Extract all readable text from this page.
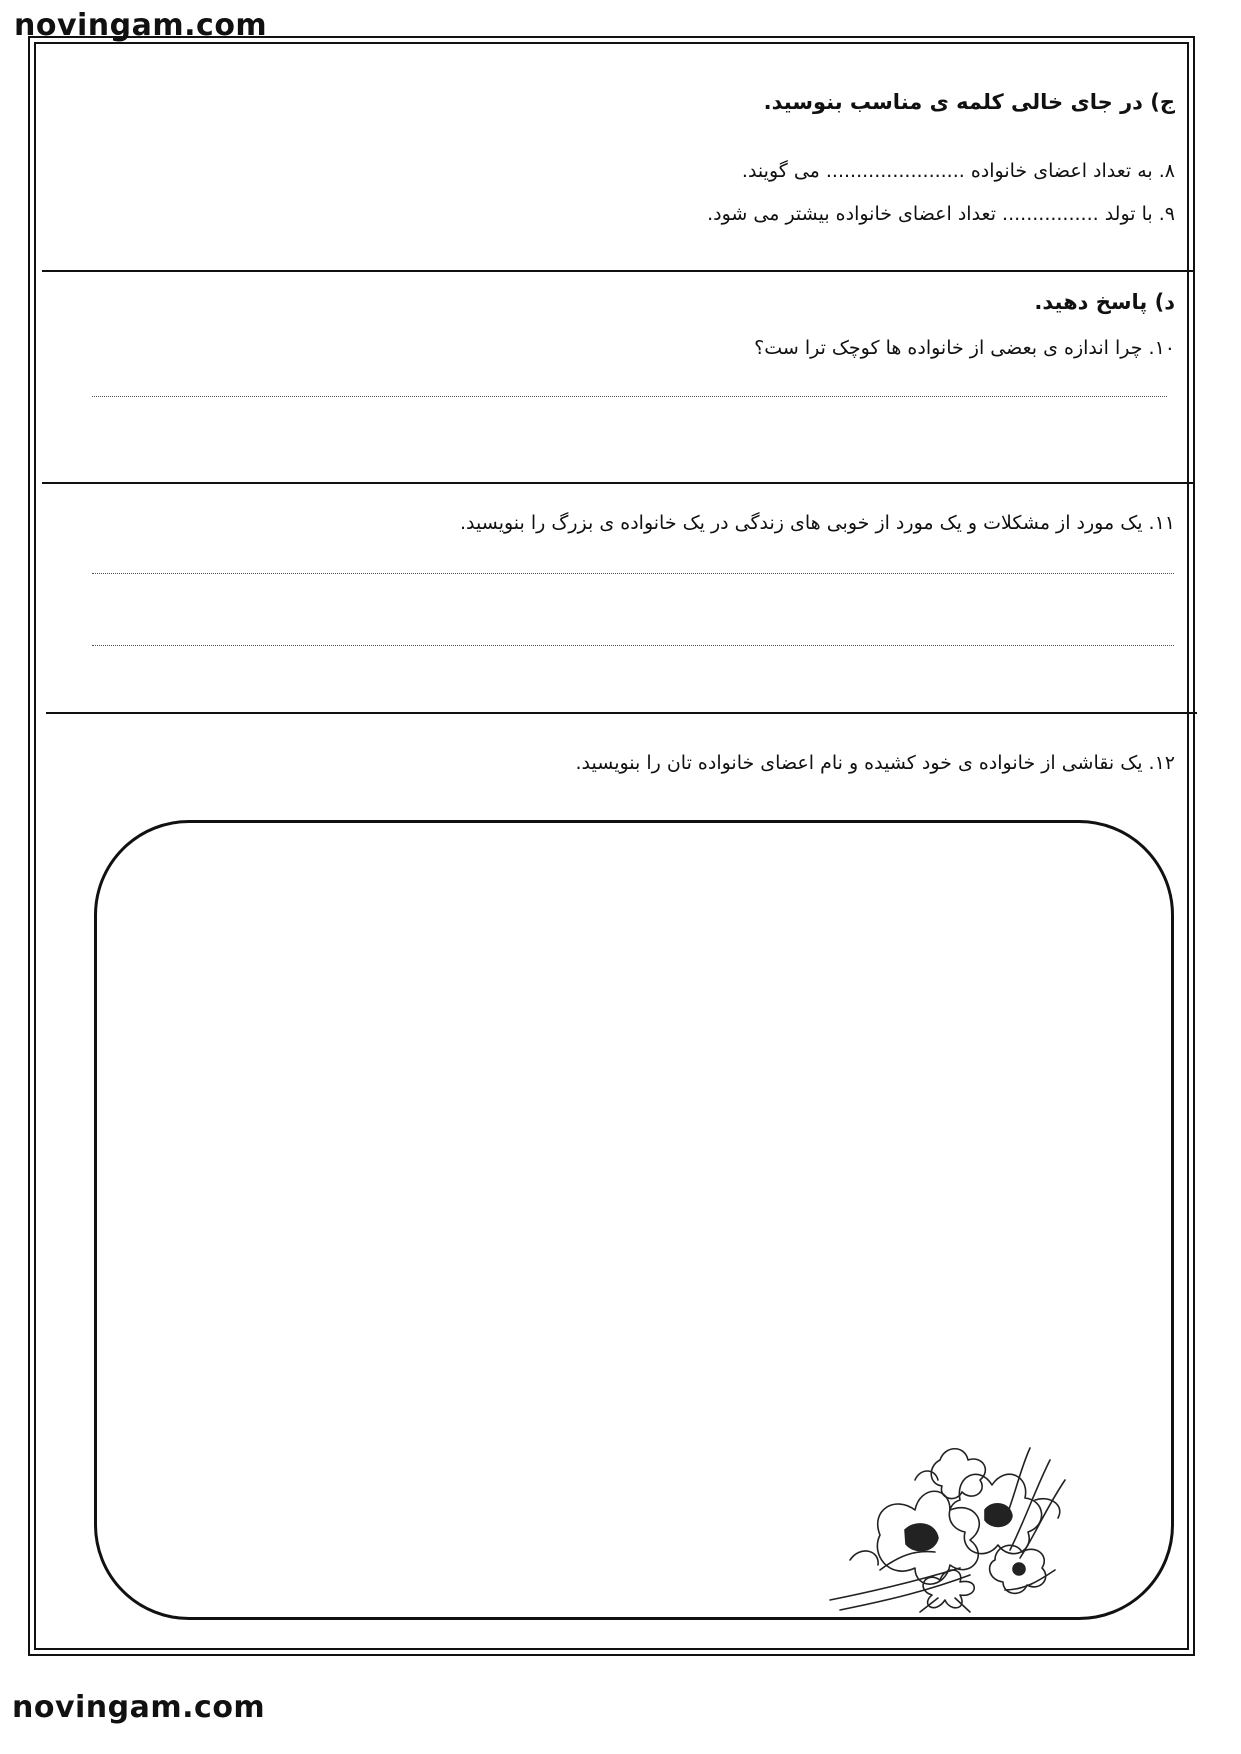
novingam.com
ج) در جای خالی کلمه ی مناسب بنوسید.
۸. به تعداد اعضای خانواده ....................... می گویند.
۹. با تولد ................ تعداد اعضای خانواده بیشتر می شود.
د) پاسخ دهید.
۱۰. چرا اندازه ی بعضی از خانواده ها کوچک ترا ست؟
۱۱. یک مورد از مشکلات و یک مورد از خوبی های زندگی در یک خانواده ی بزرگ را بنویسید.
۱۲. یک نقاشی از خانواده ی خود کشیده و نام اعضای خانواده تان را بنویسید.
novingam.com
